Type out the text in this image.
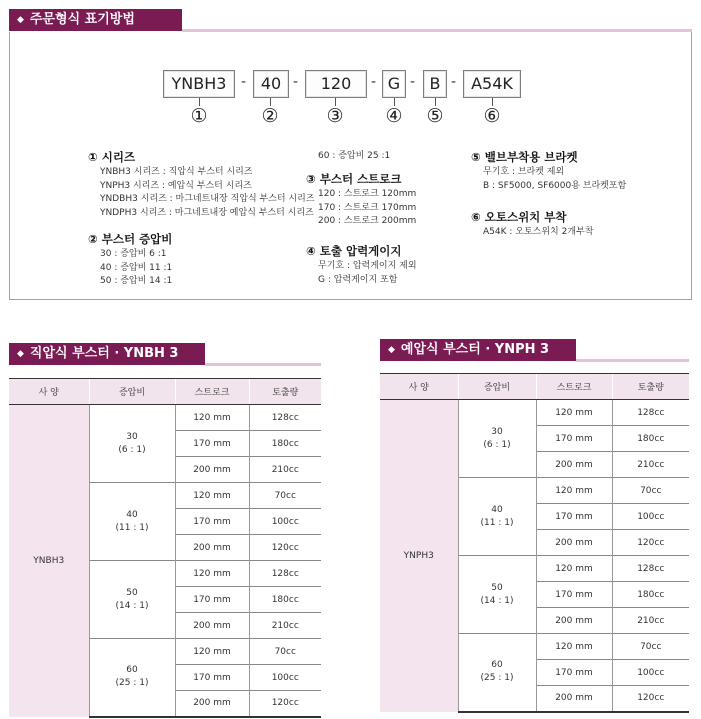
◆ 주문형식 표기방법
YNBH3	- 40 -	120	- G - B - A54K
①	②	③ ④ ⑤ ⑥
① 시리즈
YNBH3 시리즈 : 직압식 부스터 시리즈
YNPH3 시리즈 : 예압식 부스터 시리즈
YNDBH3 시리즈 : 마그네트내장 직압식 부스터 시리즈
YNDPH3 시리즈 : 마그네트내장 예압식 부스터 시리즈
② 부스터 증압비
30 : 증압비 6 :1
40 : 증압비 11 :1
50 : 증압비 14 :1
60 : 증압비 25 :1
③ 부스터 스트로크
120 : 스트로크 120mm
170 : 스트로크 170mm
200 : 스트로크 200mm
④ 토출 압력게이지
무기호 : 압력게이지 제외
G : 압력게이지 포함
⑤ 밸브부착용 브라켓
무기호 : 브라켓 제외
B : SF5000, SF6000용 브라켓포함
⑥ 오토스위치 부착
A54K : 오토스위치 2개부착
◆ 직압식 부스터 · YNBH 3
사 양	증압비	스트로크	토출량
YNBH3	30
(6 : 1)	120 mm	128cc
		170 mm	180cc
		200 mm	210cc
	40
(11 : 1)	120 mm	70cc
		170 mm	100cc
		200 mm	120cc
	50
(14 : 1)	120 mm	128cc
		170 mm	180cc
		200 mm	210cc
	60
(25 : 1)	120 mm	70cc
		170 mm	100cc
		200 mm	120cc
◆ 예압식 부스터 · YNPH 3
사 양	증압비	스트로크	토출량
YNPH3	30
(6 : 1)	120 mm	128cc
		170 mm	180cc
		200 mm	210cc
	40
(11 : 1)	120 mm	70cc
		170 mm	100cc
		200 mm	120cc
	50
(14 : 1)	120 mm	128cc
		170 mm	180cc
		200 mm	210cc
	60
(25 : 1)	120 mm	70cc
		170 mm	100cc
		200 mm	120cc
